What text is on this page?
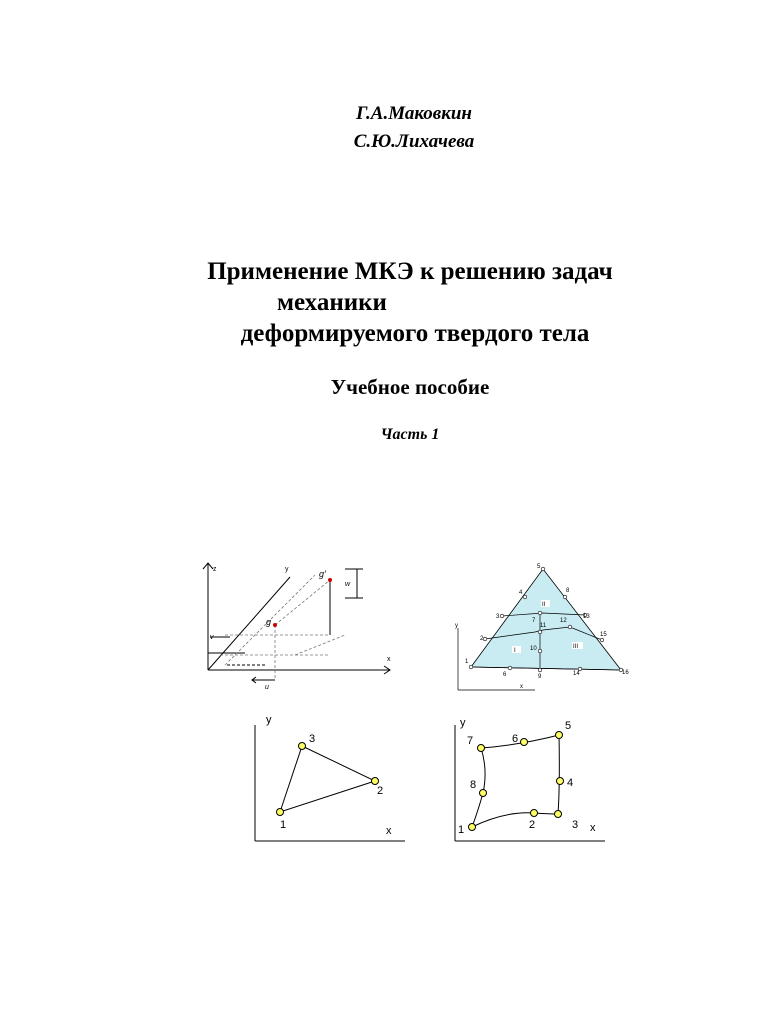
Г.А.Маковкин
С.Ю.Лихачева
Применение МКЭ к решению задач
механики
деформируемого твердого тела
Учебное пособие
Часть 1
z	y
x
g
g′
w
v
u
1
2
3
4
5
6
7
8
9
10
11
12
13
14
15
16
I
II
III
y
x
y
x
1
2
3
y
x
1	2	3
4
5
6
7
8
